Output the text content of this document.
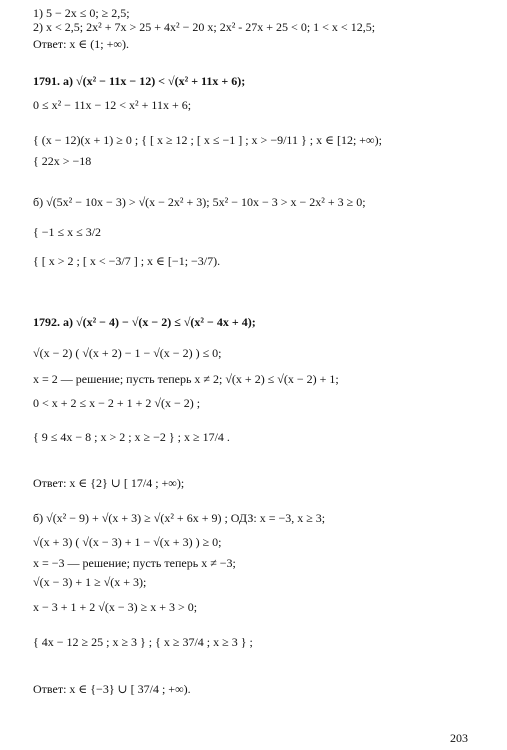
1) 5 − 2x ≤ 0; ≥ 2,5;
2) x < 2,5; 2x² + 7x > 25 + 4x² − 20 x; 2x² - 27x + 25 < 0; 1 < x < 12,5;
Ответ: x ∈ (1; +∞).
1791. а) √(x² − 11x − 12) < √(x² + 11x + 6);
0 ≤ x² − 11x − 12 < x² + 11x + 6;
{ (x − 12)(x + 1) ≥ 0 ; { [ x ≥ 12 ; [ x ≤ −1 ] ; x > −9/11 } ; x ∈ [12; +∞);
{ 22x > −18
б) √(5x² − 10x − 3) > √(x − 2x² + 3); 5x² − 10x − 3 > x − 2x² + 3 ≥ 0;
{ −1 ≤ x ≤ 3/2
{ [ x > 2 ; [ x < −3/7 ] ; x ∈ [−1; −3/7).
1792. а) √(x² − 4) − √(x − 2) ≤ √(x² − 4x + 4);
√(x − 2) ( √(x + 2) − 1 − √(x − 2) ) ≤ 0;
x = 2 — решение; пусть теперь x ≠ 2; √(x + 2) ≤ √(x − 2) + 1;
0 < x + 2 ≤ x − 2 + 1 + 2 √(x − 2) ;
{ 9 ≤ 4x − 8 ; x > 2 ; x ≥ −2 } ; x ≥ 17/4 .
Ответ: x ∈ {2} ∪ [ 17/4 ; +∞);
б) √(x² − 9) + √(x + 3) ≥ √(x² + 6x + 9) ; ОДЗ: x = −3, x ≥ 3;
√(x + 3) ( √(x − 3) + 1 − √(x + 3) ) ≥ 0;
x = −3 — решение; пусть теперь x ≠ −3;
√(x − 3) + 1 ≥ √(x + 3);
x − 3 + 1 + 2 √(x − 3) ≥ x + 3 > 0;
{ 4x − 12 ≥ 25 ; x ≥ 3 } ; { x ≥ 37/4 ; x ≥ 3 } ;
Ответ: x ∈ {−3} ∪ [ 37/4 ; +∞).
203
